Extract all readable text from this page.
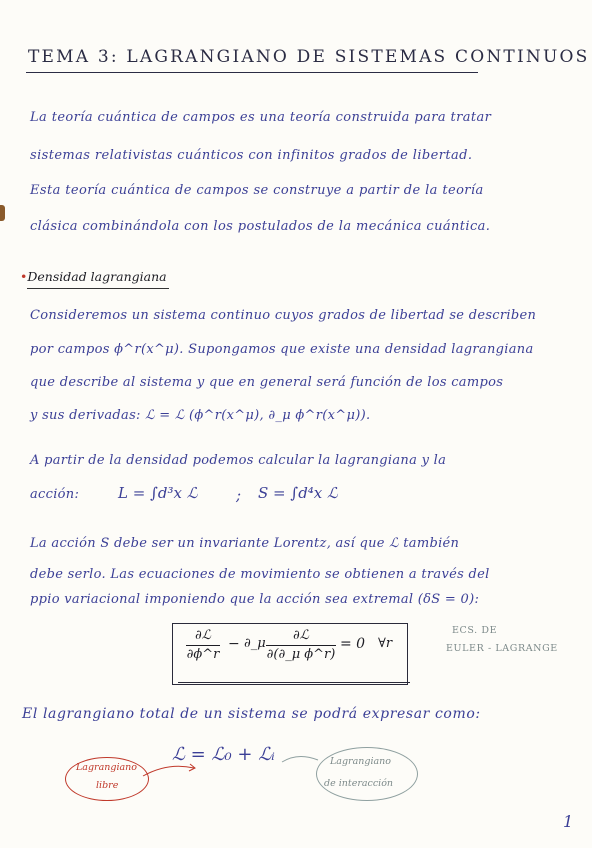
TEMA 3: LAGRANGIANO DE SISTEMAS CONTINUOS
La teoría cuántica de campos es una teoría construida para tratar
sistemas relativistas cuánticos con infinitos grados de libertad.
Esta teoría cuántica de campos se construye a partir de la teoría
clásica combinándola con los postulados de la mecánica cuántica.
•Densidad lagrangiana
Consideremos un sistema continuo cuyos grados de libertad se describen
por campos ϕ^r(x^μ). Supongamos que existe una densidad lagrangiana
que describe al sistema y que en general será función de los campos
y sus derivadas: ℒ = ℒ (ϕ^r(x^μ), ∂_μ ϕ^r(x^μ)).
A partir de la densidad podemos calcular la lagrangiana y la
acción:	L = ∫d³x ℒ	; S = ∫d⁴x ℒ
La acción S debe ser un invariante Lorentz, así que ℒ también
debe serlo. Las ecuaciones de movimiento se obtienen a través del
ppio variacional imponiendo que la acción sea extremal (δS = 0):
∂ℒ
∂ϕ^r
− ∂_μ
∂ℒ
∂(∂_μ ϕ^r)
= 0 ∀r
ECS. DE
EULER - LAGRANGE
El lagrangiano total de un sistema se podrá expresar como:
ℒ = ℒ₀ + ℒᵢ
Lagrangiano
libre
Lagrangiano
de interacción
1
